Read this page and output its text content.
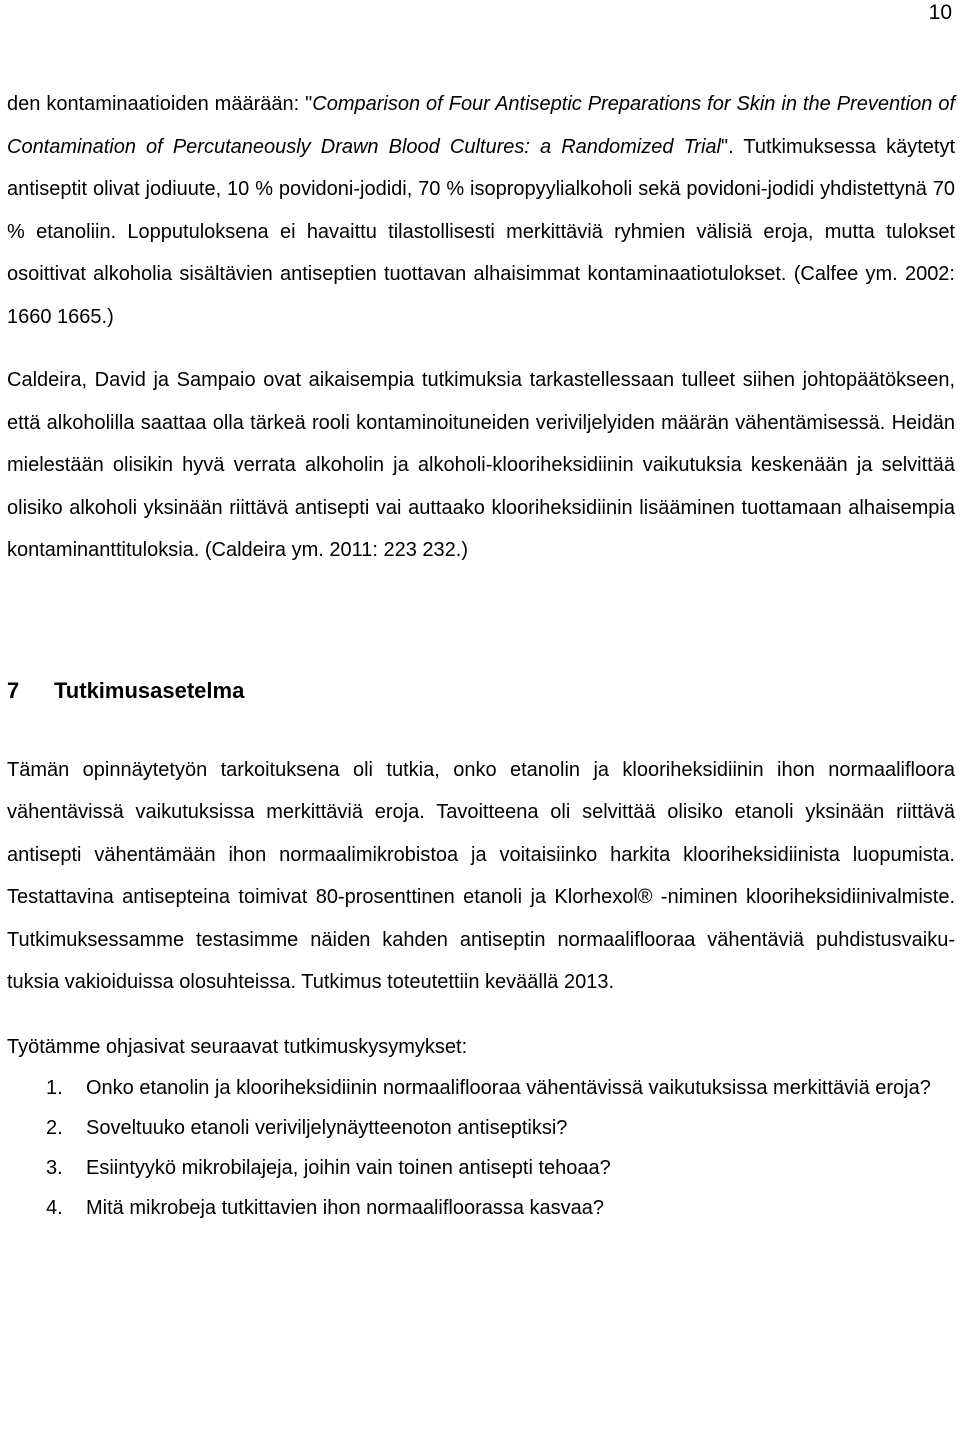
10

den kontaminaatioiden määrään: "Comparison of Four Antiseptic Preparations for Skin in the Prevention of Contamination of Percutaneously Drawn Blood Cultures: a Randomized Trial". Tutkimuksessa käytetyt antiseptit olivat jodiuute, 10 % povidoni-jodidi, 70 % isopropyylialkoholi sekä povidoni-jodidi yhdistettynä 70 % etanoliin. Lopputuloksena ei havaittu tilastollisesti merkittäviä ryhmien välisiä eroja, mutta tulokset osoittivat alkoholia sisältävien antiseptien tuottavan alhaisimmat kontaminaatiotulokset. (Calfee ym. 2002: 1660 1665.)

Caldeira, David ja Sampaio ovat aikaisempia tutkimuksia tarkastellessaan tulleet siihen johtopäätökseen, että alkoholilla saattaa olla tärkeä rooli kontaminoituneiden veriviljelyiden määrän vähentämisessä. Heidän mielestään olisikin hyvä verrata alkoholin ja alkoholi-klooriheksidiinin vaikutuksia keskenään ja selvittää olisiko alkoholi yksinään riittävä antisepti vai auttaako klooriheksidiinin lisääminen tuottamaan alhaisempia kontaminanttituloksia. (Caldeira ym. 2011: 223 232.)

7	Tutkimusasetelma

Tämän opinnäytetyön tarkoituksena oli tutkia, onko etanolin ja klooriheksidiinin ihon normaalifloora vähentävissä vaikutuksissa merkittäviä eroja. Tavoitteena oli selvittää olisiko etanoli yksinään riittävä antisepti vähentämään ihon normaalimikrobistoa ja voitaisiinko harkita klooriheksidiinista luopumista. Testattavina antisepteina toimivat 80-prosenttinen etanoli ja Klorhexol® -niminen klooriheksidiinivalmiste. Tutkimuksessamme testasimme näiden kahden antiseptin normaaliflooraa vähentäviä puhdistusvaikutuksia vakioiduissa olosuhteissa. Tutkimus toteutettiin keväällä 2013.

Työtämme ohjasivat seuraavat tutkimuskysymykset:

1.	Onko etanolin ja klooriheksidiinin normaaliflooraa vähentävissä vaikutuksissa merkittäviä eroja?
2.	Soveltuuko etanoli veriviljelynäytteenoton antiseptiksi?
3.	Esiintyykö mikrobilajeja, joihin vain toinen antisepti tehoaa?
4.	Mitä mikrobeja tutkittavien ihon normaalifloorassa kasvaa?
